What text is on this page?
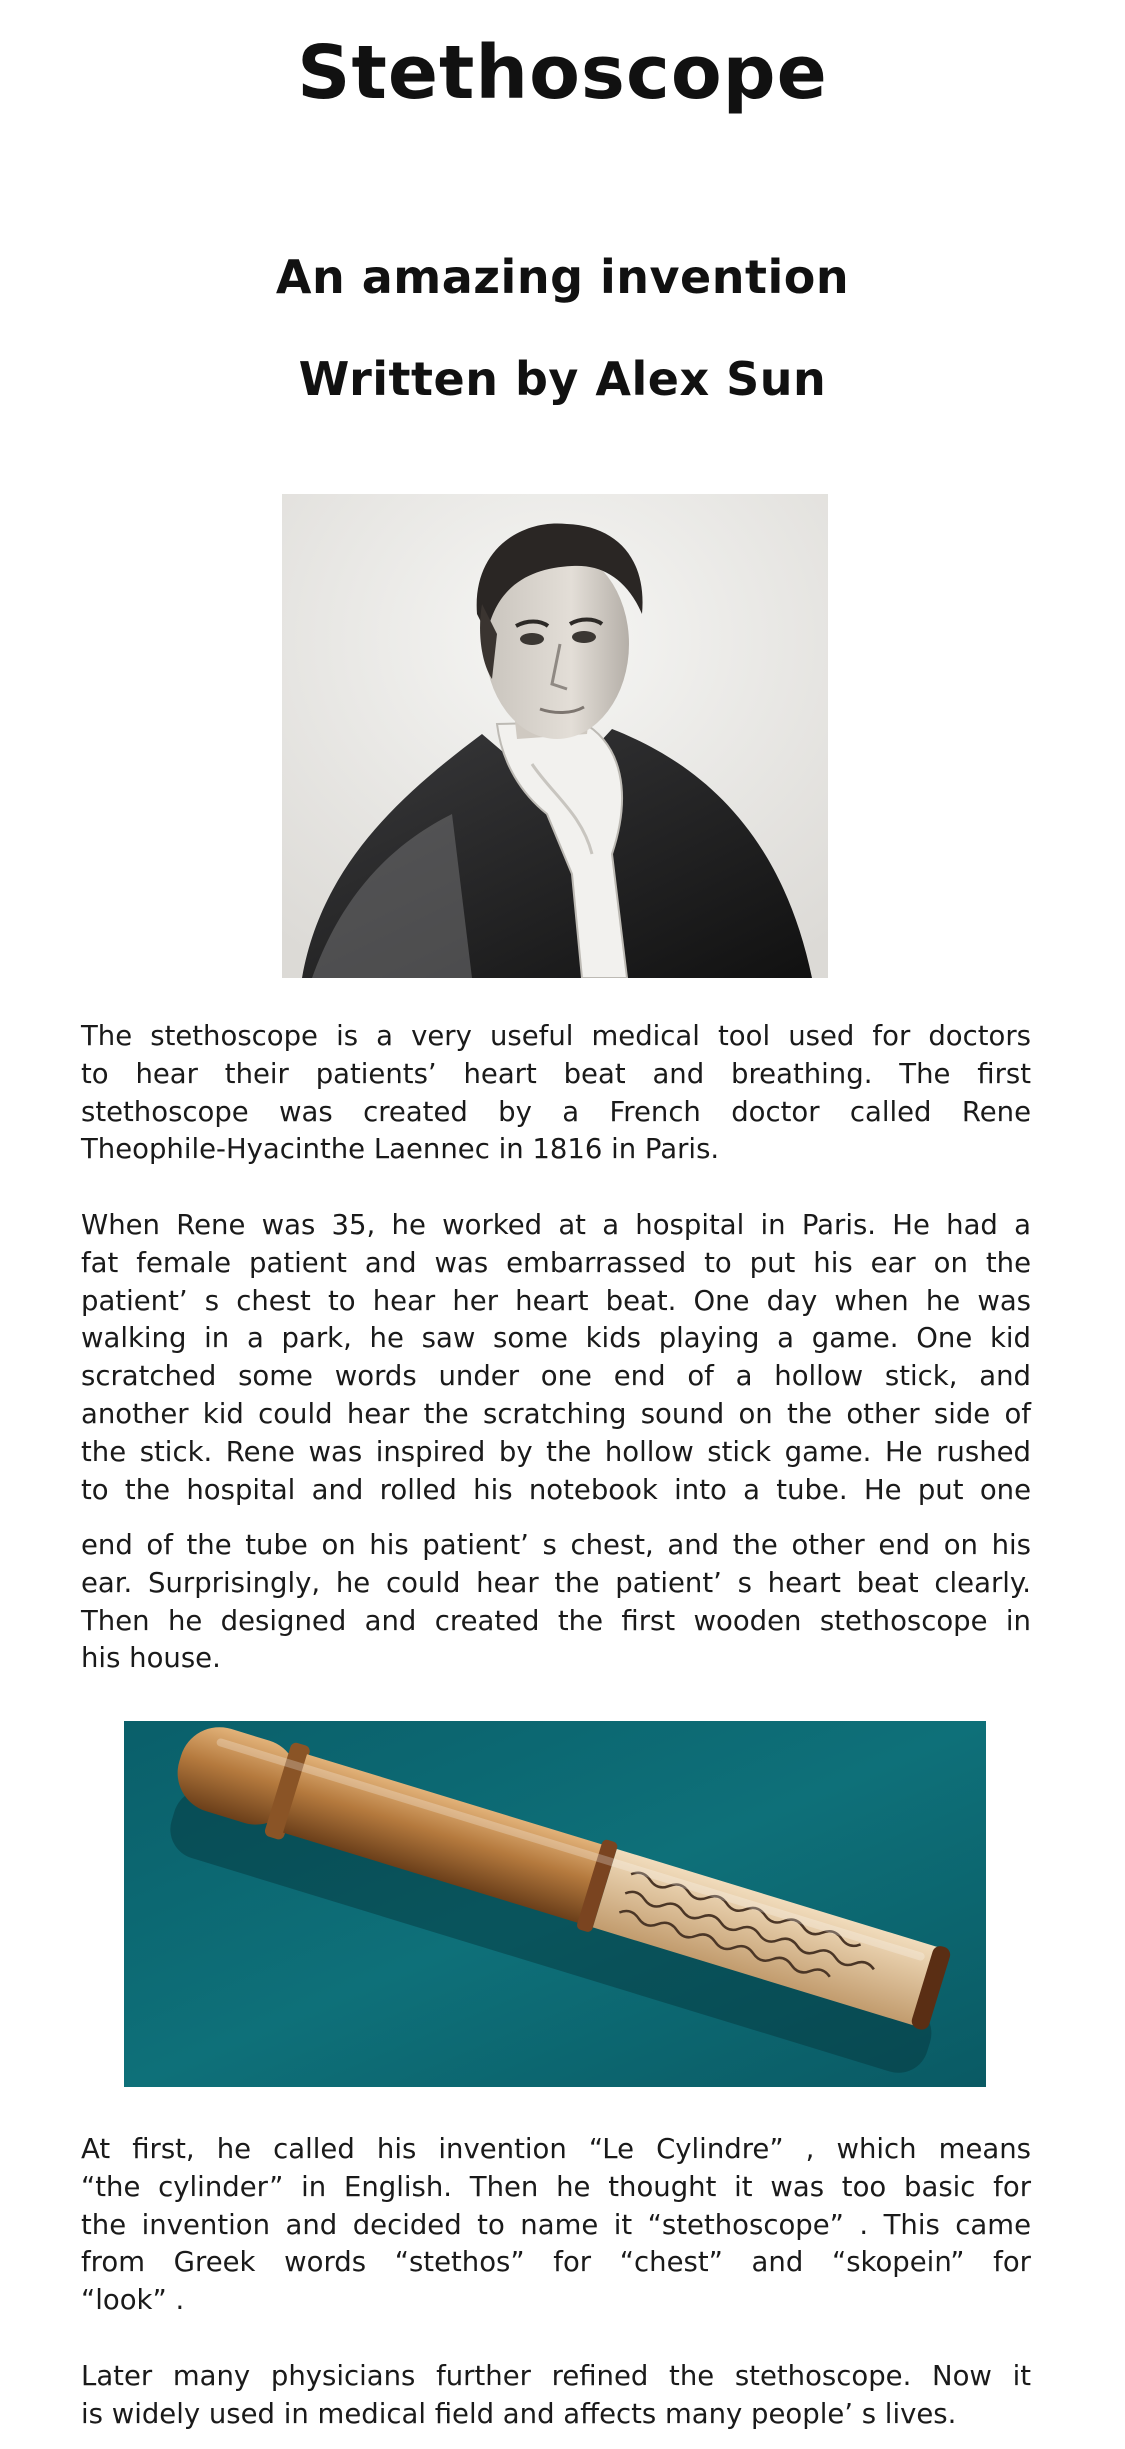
Stethoscope
An amazing invention
Written by Alex Sun
The stethoscope is a very useful medical tool used for doctors
to hear their patients’ heart beat and breathing. The first
stethoscope was created by a French doctor called Rene
Theophile-Hyacinthe Laennec in 1816 in Paris.
When Rene was 35, he worked at a hospital in Paris. He had a
fat female patient and was embarrassed to put his ear on the
patient’ s chest to hear her heart beat. One day when he was
walking in a park, he saw some kids playing a game. One kid
scratched some words under one end of a hollow stick, and
another kid could hear the scratching sound on the other side of
the stick. Rene was inspired by the hollow stick game. He rushed
to the hospital and rolled his notebook into a tube. He put one
end of the tube on his patient’ s chest, and the other end on his
ear. Surprisingly, he could hear the patient’ s heart beat clearly.
Then he designed and created the first wooden stethoscope in
his house.
At first, he called his invention “Le Cylindre” , which means
“the cylinder” in English. Then he thought it was too basic for
the invention and decided to name it “stethoscope” . This came
from Greek words “stethos” for “chest” and “skopein” for
“look” .
Later many physicians further refined the stethoscope. Now it
is widely used in medical field and affects many people’ s lives.
